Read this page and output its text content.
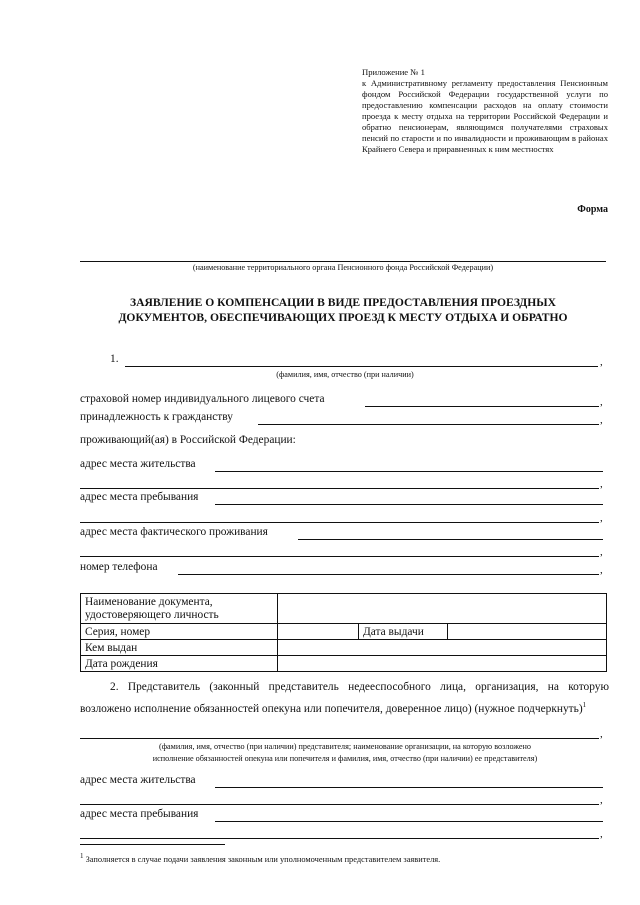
Приложение № 1
к Административному регламенту предоставления Пенсионным фондом Российской Федерации государственной услуги по предоставлению компенсации расходов на оплату стоимости проезда к месту отдыха на территории Российской Федерации и обратно пенсионерам, являющимся получателями страховых пенсий по старости и по инвалидности и проживающим в районах Крайнего Севера и приравненных к ним местностях
Форма
(наименование территориального органа Пенсионного фонда Российской Федерации)
ЗАЯВЛЕНИЕ О КОМПЕНСАЦИИ В ВИДЕ ПРЕДОСТАВЛЕНИЯ ПРОЕЗДНЫХ
ДОКУМЕНТОВ, ОБЕСПЕЧИВАЮЩИХ ПРОЕЗД К МЕСТУ ОТДЫХА И ОБРАТНО
1.	,
(фамилия, имя, отчество (при наличии)
страховой номер индивидуального лицевого счета	,
принадлежность к гражданству	,
проживающий(ая) в Российской Федерации:
адрес места жительства
,
адрес места пребывания
,
адрес места фактического проживания
,
номер телефона	,
Наименование документа,
удостоверяющего личность			

Серия, номер		Дата выдачи	
Кем выдан			
Дата рождения			
2. Представитель (законный представитель недееспособного лица, организация, на которую возложено исполнение обязанностей опекуна или попечителя, доверенное лицо) (нужное подчеркнуть)$^1$
,
(фамилия, имя, отчество (при наличии) представителя; наименование организации, на которую возложено
исполнение обязанностей опекуна или попечителя и фамилия, имя, отчество (при наличии) ее представителя)
адрес места жительства
,
адрес места пребывания
,
$^1$ Заполняется в случае подачи заявления законным или уполномоченным представителем заявителя.
